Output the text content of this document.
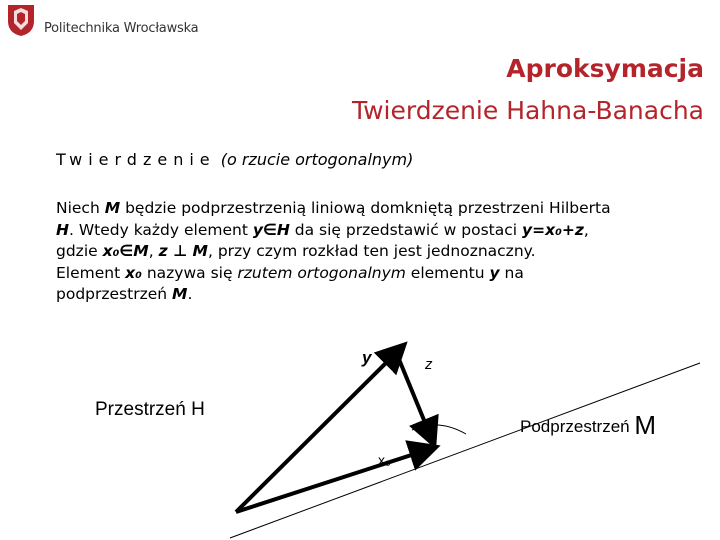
Politechnika Wrocławska
Aproksymacja
Twierdzenie Hahna-Banacha
Twierdzenie (o rzucie ortogonalnym)
Niech M będzie podprzestrzenią liniową domkniętą przestrzeni Hilberta
H. Wtedy każdy element y∈H da się przedstawić w postaci y=x₀+z,
gdzie x₀∈M, z ⊥ M, przy czym rozkład ten jest jednoznaczny.
Element x₀ nazywa się rzutem ortogonalnym elementu y na
podprzestrzeń M.
y	z
x₀
Przestrzeń H
Podprzestrzeń M
